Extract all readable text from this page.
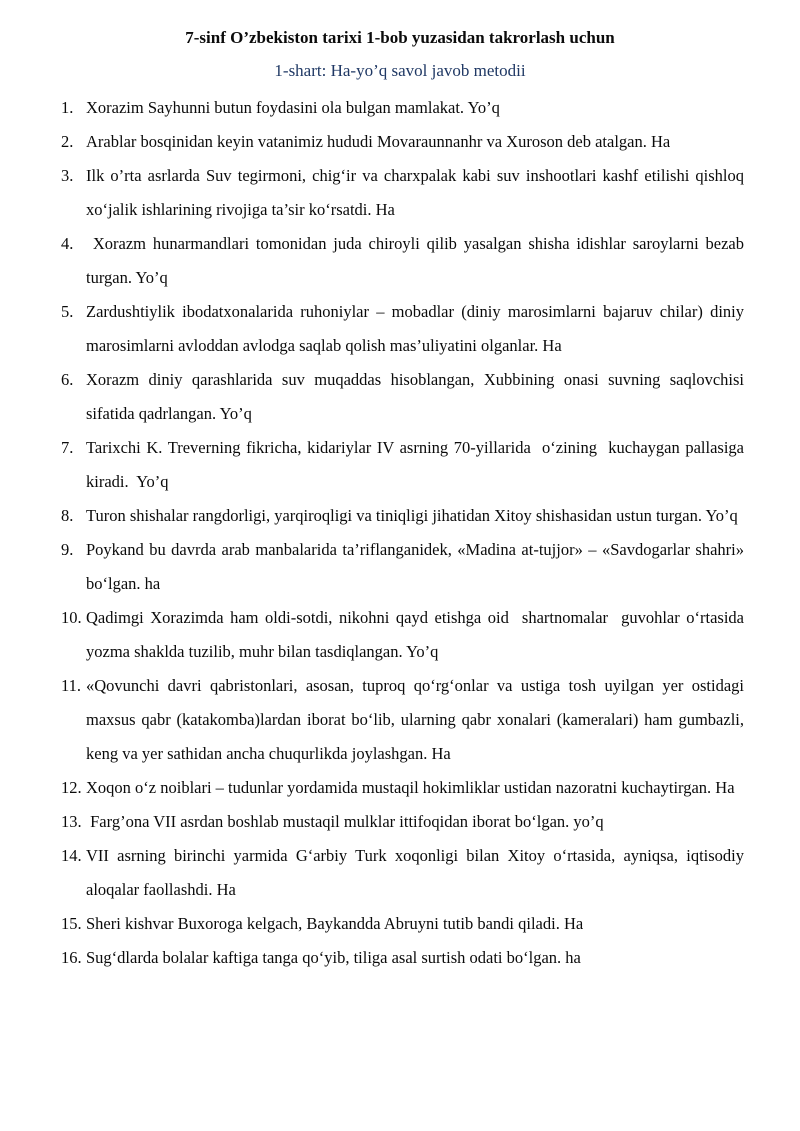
7-sinf O’zbekiston tarixi 1-bob yuzasidan takrorlash uchun
1-shart: Ha-yo’q savol javob metodii
1. Xorazim Sayhunni butun foydasini ola bulgan mamlakat. Yo’q
2. Arablar bosqinidan keyin vatanimiz hududi Movaraunnanhr va Xuroson deb atalgan. Ha
3. Ilk o’rta asrlarda Suv tegirmoni, chigʻir va charxpalak kabi suv inshootlari kashf etilishi qishloq xoʻjalik ishlarining rivojiga ta’sir koʻrsatdi. Ha
4. Xorazm hunarmandlari tomonidan juda chiroyli qilib yasalgan shisha idishlar saroylarni bezab turgan. Yo’q
5. Zardushtiylik ibodatxonalarida ruhoniylar – mobadlar (diniy marosimlarni bajaruv chilar) diniy  marosimlarni avloddan avlodga saqlab qolish mas’uliyatini olganlar. Ha
6. Xorazm diniy qarashlarida suv muqaddas hisoblangan, Xubbining onasi suvning saqlovchisi sifatida qadrlangan. Yo’q
7. Tarixchi K. Treverning fikricha, kidariylar IV asrning 70-yillarida  oʻzining  kuchaygan pallasiga  kiradi.  Yo’q
8. Turon shishalar rangdorligi, yarqiroqligi va tiniqligi jihatidan Xitoy shishasidan ustun turgan. Yo’q
9. Poykand bu davrda arab manbalarida ta’riflanganidek, «Madina at-tujjor» – «Savdogarlar shahri» boʻlgan. ha
10. Qadimgi Xorazimda ham oldi-sotdi, nikohni qayd etishga oid  shartnomalar  guvohlar oʻrtasida yozma shaklda tuzilib, muhr bilan tasdiqlangan. Yo’q
11. «Qovunchi davri qabristonlari, asosan, tuproq qoʻrgʻonlar va ustiga tosh uyilgan yer ostidagi maxsus qabr (katakomba)lardan iborat boʻlib, ularning qabr xonalari (kameralari) ham gumbazli, keng va yer sathidan ancha chuqurlikda joylashgan. Ha
12. Xoqon oʻz noiblari – tudunlar yordamida mustaqil hokimliklar ustidan nazoratni kuchaytirgan. Ha
13. Farg’ona VII asrdan boshlab mustaqil mulklar ittifoqidan iborat boʻlgan. yo’q
14. VII asrning birinchi yarmida Gʻarbiy Turk xoqonligi bilan Xitoy oʻrtasida, ayniqsa, iqtisodiy aloqalar faollashdi. Ha
15. Sheri kishvar Buxoroga kelgach, Baykandda Abruyni tutib bandi qiladi. Ha
16. Sugʻdlarda bolalar kaftiga tanga qoʻyib, tiliga asal surtish odati boʻlgan. ha
